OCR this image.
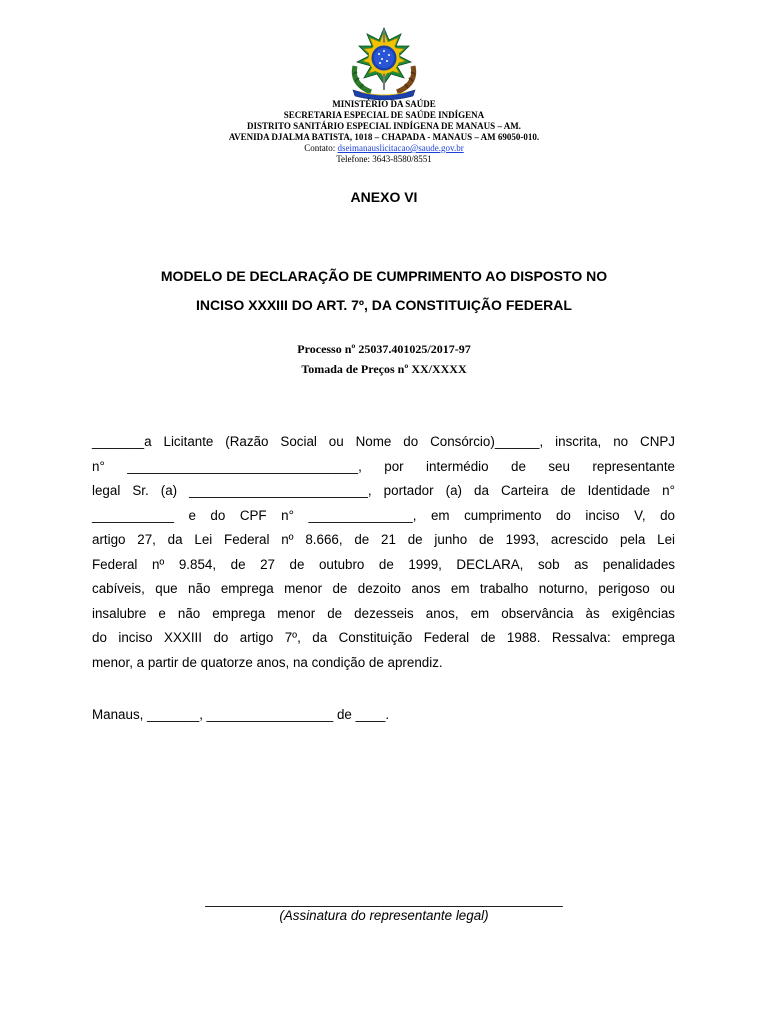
MINISTÉRIO DA SAÚDE
SECRETARIA ESPECIAL DE SAÚDE INDÍGENA
DISTRITO SANITÁRIO ESPECIAL INDÍGENA DE MANAUS – AM.
AVENIDA DJALMA BATISTA, 1018 – CHAPADA - MANAUS – AM 69050-010.
Contato: dseimanauslicitacao@saude.gov.br
Telefone: 3643-8580/8551
ANEXO VI
MODELO DE DECLARAÇÃO DE CUMPRIMENTO AO DISPOSTO NO
INCISO XXXIII DO ART. 7º, DA CONSTITUIÇÃO FEDERAL
Processo nº 25037.401025/2017-97
Tomada de Preços nº XX/XXXX
_______a Licitante (Razão Social ou Nome do Consórcio)______, inscrita, no CNPJ
n° _______________________________, por intermédio de seu representante
legal Sr. (a) ________________________, portador (a) da Carteira de Identidade n°
___________ e do CPF n° ______________, em cumprimento do inciso V, do
artigo 27, da Lei Federal nº 8.666, de 21 de junho de 1993, acrescido pela Lei
Federal nº 9.854, de 27 de outubro de 1999, DECLARA, sob as penalidades
cabíveis, que não emprega menor de dezoito anos em trabalho noturno, perigoso ou
insalubre e não emprega menor de dezesseis anos, em observância às exigências
do inciso XXXIII do artigo 7º, da Constituição Federal de 1988. Ressalva: emprega
menor, a partir de quatorze anos, na condição de aprendiz.
Manaus, _______, _________________ de ____.
________________________________________________
(Assinatura do representante legal)
